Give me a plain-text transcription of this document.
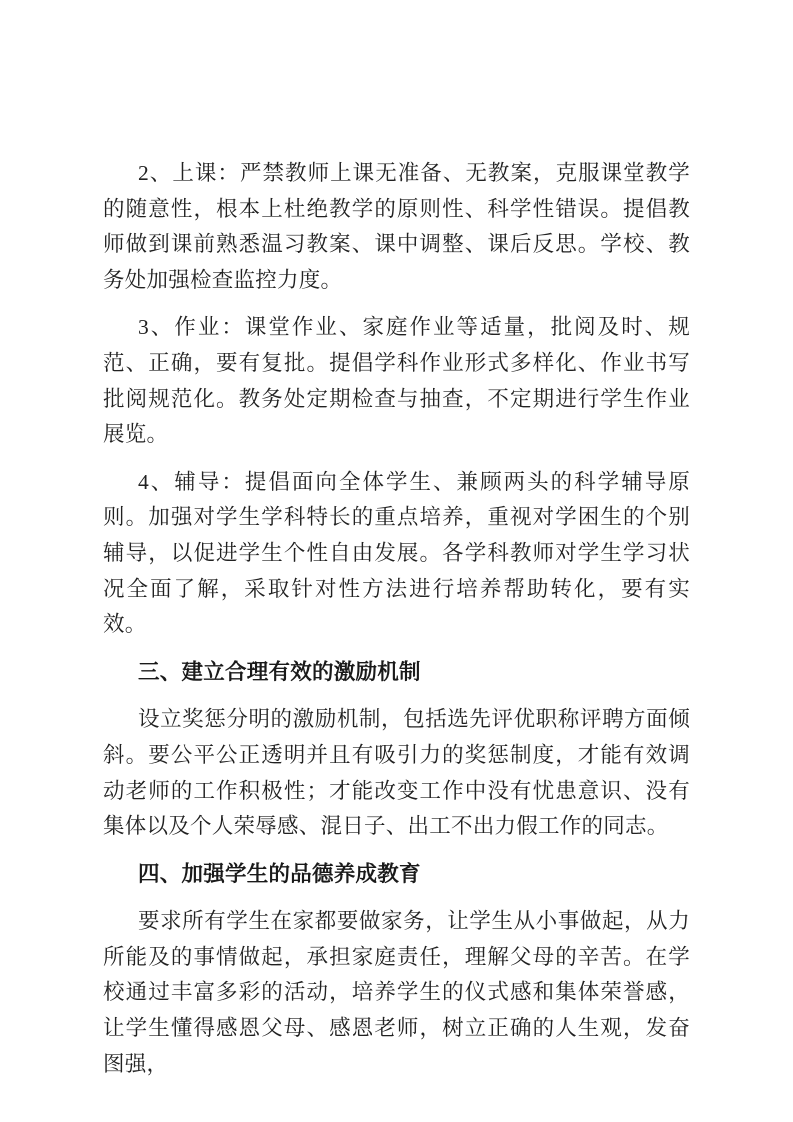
2、上课：严禁教师上课无准备、无教案，克服课堂教学的随意性，根本上杜绝教学的原则性、科学性错误。提倡教师做到课前熟悉温习教案、课中调整、课后反思。学校、教务处加强检查监控力度。

3、作业：课堂作业、家庭作业等适量，批阅及时、规范、正确，要有复批。提倡学科作业形式多样化、作业书写批阅规范化。教务处定期检查与抽查，不定期进行学生作业展览。

4、辅导：提倡面向全体学生、兼顾两头的科学辅导原则。加强对学生学科特长的重点培养，重视对学困生的个别辅导，以促进学生个性自由发展。各学科教师对学生学习状况全面了解，采取针对性方法进行培养帮助转化，要有实效。

三、建立合理有效的激励机制

设立奖惩分明的激励机制，包括选先评优职称评聘方面倾斜。要公平公正透明并且有吸引力的奖惩制度，才能有效调动老师的工作积极性；才能改变工作中没有忧患意识、没有集体以及个人荣辱感、混日子、出工不出力假工作的同志。

四、加强学生的品德养成教育

要求所有学生在家都要做家务，让学生从小事做起，从力所能及的事情做起，承担家庭责任，理解父母的辛苦。在学校通过丰富多彩的活动，培养学生的仪式感和集体荣誉感，让学生懂得感恩父母、感恩老师，树立正确的人生观，发奋图强，
